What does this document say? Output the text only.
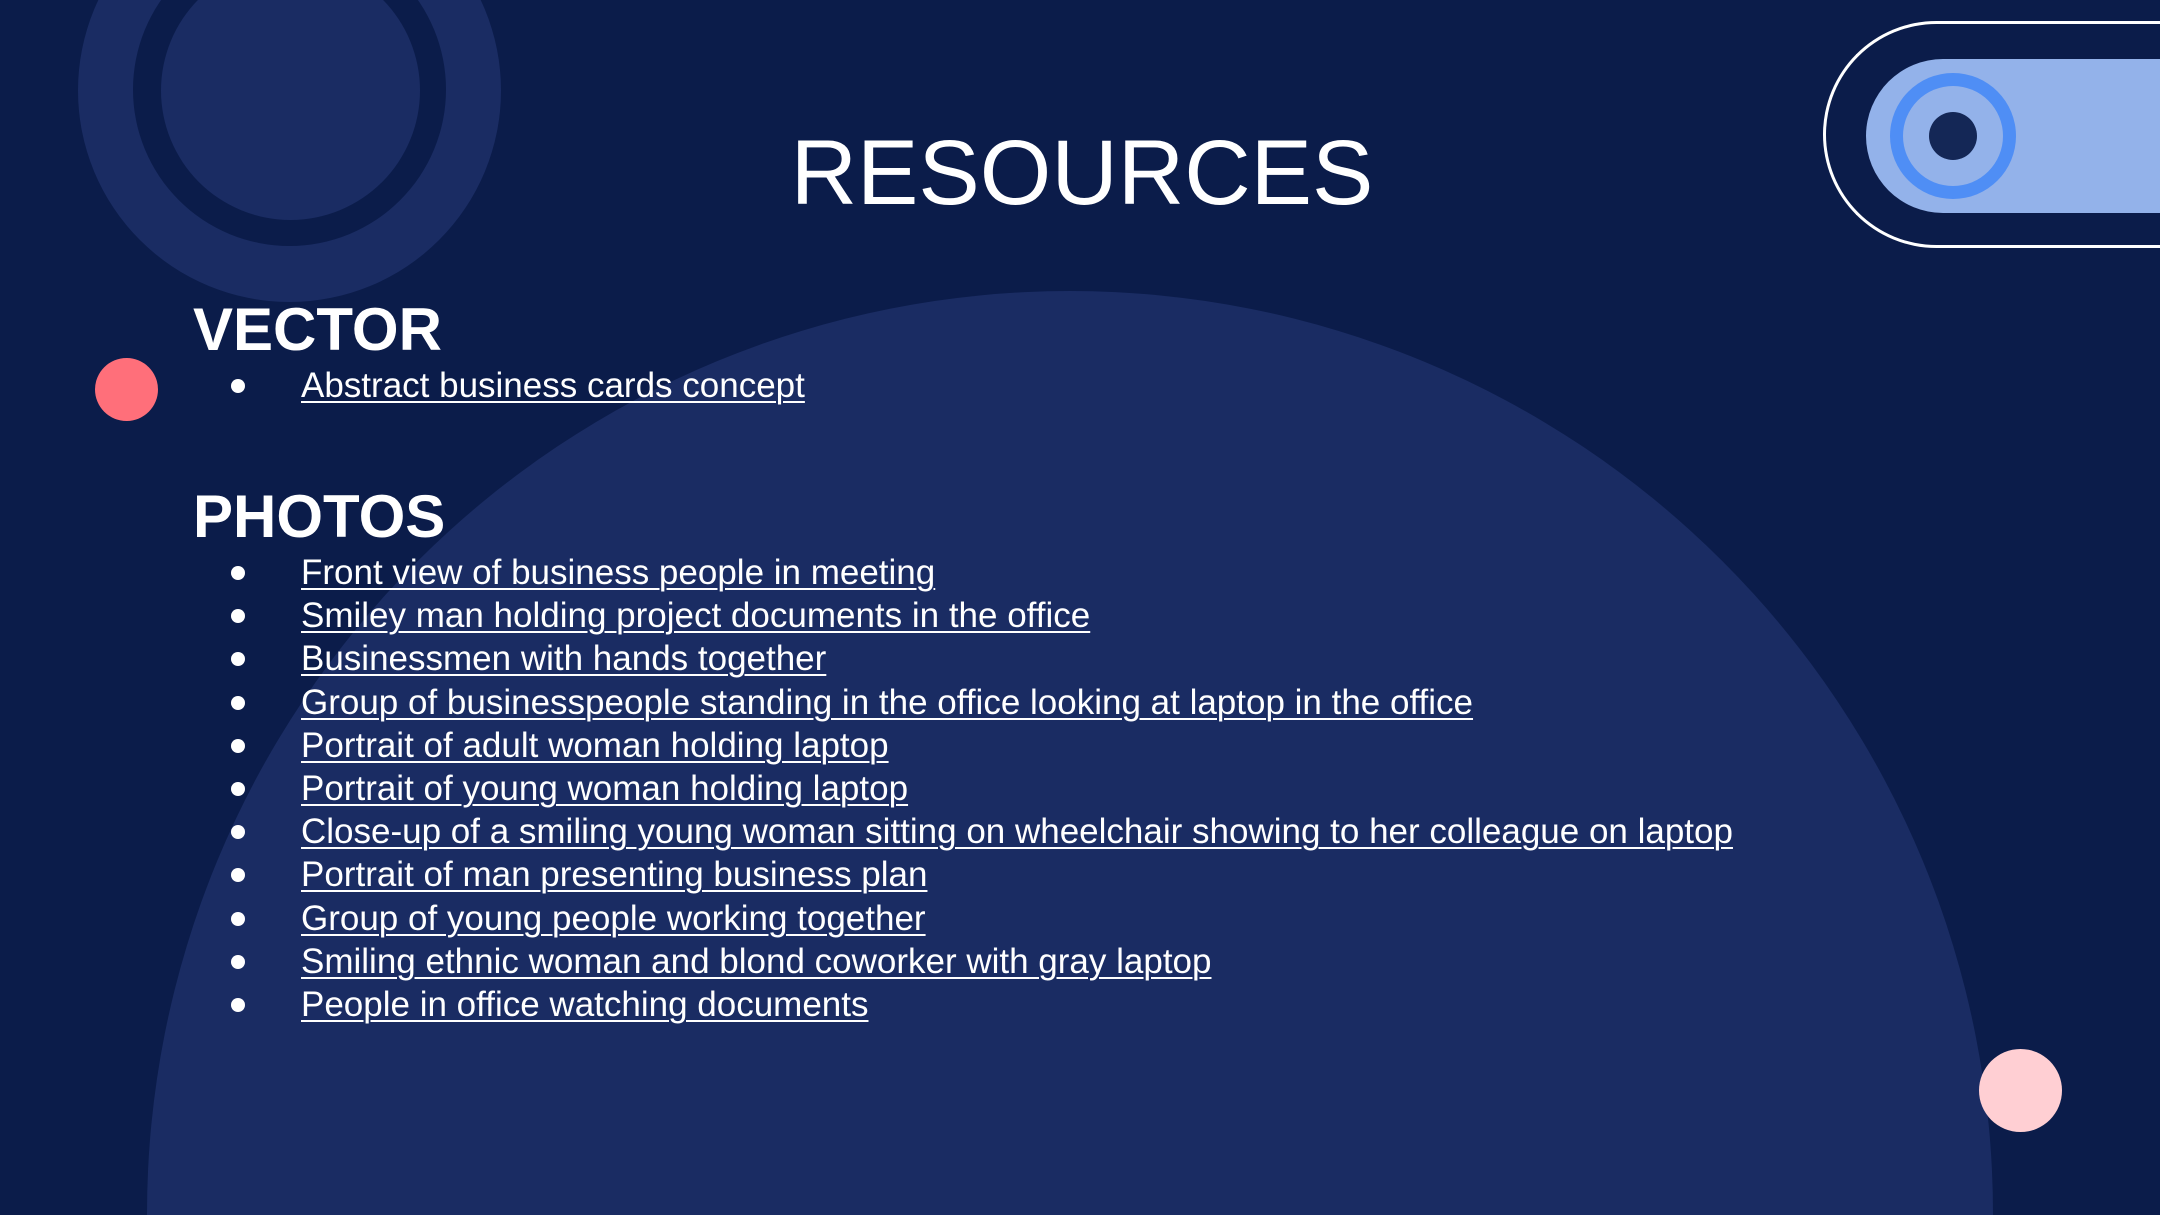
RESOURCES
VECTOR
Abstract business cards concept
PHOTOS
Front view of business people in meeting
Smiley man holding project documents in the office
Businessmen with hands together
Group of businesspeople standing in the office looking at laptop in the office
Portrait of adult woman holding laptop
Portrait of young woman holding laptop
Close-up of a smiling young woman sitting on wheelchair showing to her colleague on laptop
Portrait of man presenting business plan
Group of young people working together
Smiling ethnic woman and blond coworker with gray laptop
People in office watching documents
